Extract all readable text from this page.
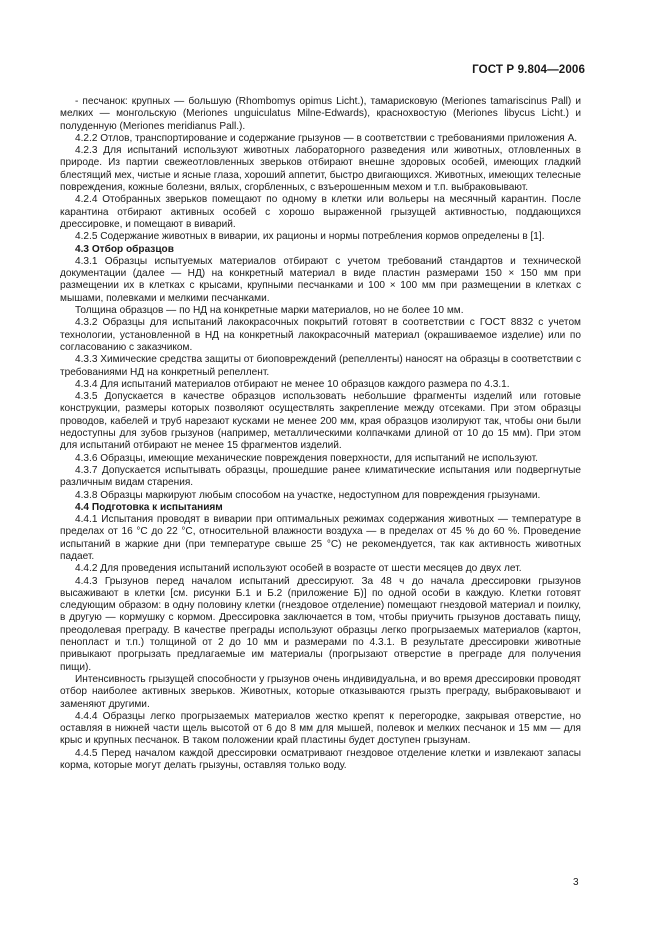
ГОСТ Р 9.804—2006

- песчанок: крупных — большую (Rhombomys opimus Licht.), тамарисковую (Meriones tamariscinus Pall) и мелких — монгольскую (Meriones unguiculatus Milne-Edwards), краснохвостую (Meriones libycus Licht.) и полуденную (Meriones meridianus Pall.).

4.2.2 Отлов, транспортирование и содержание грызунов — в соответствии с требованиями приложения А.

4.2.3 Для испытаний используют животных лабораторного разведения или животных, отловленных в природе. Из партии свежеотловленных зверьков отбирают внешне здоровых особей, имеющих гладкий блестящий мех, чистые и ясные глаза, хороший аппетит, быстро двигающихся. Животных, имеющих телесные повреждения, кожные болезни, вялых, сгорбленных, с взъерошенным мехом и т.п. выбраковывают.

4.2.4 Отобранных зверьков помещают по одному в клетки или вольеры на месячный карантин. После карантина отбирают активных особей с хорошо выраженной грызущей активностью, поддающихся дрессировке, и помещают в виварий.

4.2.5 Содержание животных в виварии, их рационы и нормы потребления кормов определены в [1].

4.3 Отбор образцов

4.3.1 Образцы испытуемых материалов отбирают с учетом требований стандартов и технической документации (далее — НД) на конкретный материал в виде пластин размерами 150 × 150 мм при размещении их в клетках с крысами, крупными песчанками и 100 × 100 мм при размещении в клетках с мышами, полевками и мелкими песчанками.

Толщина образцов — по НД на конкретные марки материалов, но не более 10 мм.

4.3.2 Образцы для испытаний лакокрасочных покрытий готовят в соответствии с ГОСТ 8832 с учетом технологии, установленной в НД на конкретный лакокрасочный материал (окрашиваемое изделие) или по согласованию с заказчиком.

4.3.3 Химические средства защиты от биоповреждений (репелленты) наносят на образцы в соответствии с требованиями НД на конкретный репеллент.

4.3.4 Для испытаний материалов отбирают не менее 10 образцов каждого размера по 4.3.1.

4.3.5 Допускается в качестве образцов использовать небольшие фрагменты изделий или готовые конструкции, размеры которых позволяют осуществлять закрепление между отсеками. При этом образцы проводов, кабелей и труб нарезают кусками не менее 200 мм, края образцов изолируют так, чтобы они были недоступны для зубов грызунов (например, металлическими колпачками длиной от 10 до 15 мм). При этом для испытаний отбирают не менее 15 фрагментов изделий.

4.3.6 Образцы, имеющие механические повреждения поверхности, для испытаний не используют.

4.3.7 Допускается испытывать образцы, прошедшие ранее климатические испытания или подвергнутые различным видам старения.

4.3.8 Образцы маркируют любым способом на участке, недоступном для повреждения грызунами.

4.4 Подготовка к испытаниям

4.4.1 Испытания проводят в виварии при оптимальных режимах содержания животных — температуре в пределах от 16 °С до 22 °С, относительной влажности воздуха — в пределах от 45 % до 60 %. Проведение испытаний в жаркие дни (при температуре свыше 25 °С) не рекомендуется, так как активность животных падает.

4.4.2 Для проведения испытаний используют особей в возрасте от шести месяцев до двух лет.

4.4.3 Грызунов перед началом испытаний дрессируют. За 48 ч до начала дрессировки грызунов высаживают в клетки [см. рисунки Б.1 и Б.2 (приложение Б)] по одной особи в каждую. Клетки готовят следующим образом: в одну половину клетки (гнездовое отделение) помещают гнездовой материал и поилку, в другую — кормушку с кормом. Дрессировка заключается в том, чтобы приучить грызунов доставать пищу, преодолевая преграду. В качестве преграды используют образцы легко прогрызаемых материалов (картон, пенопласт и т.п.) толщиной от 2 до 10 мм и размерами по 4.3.1. В результате дрессировки животные привыкают прогрызать предлагаемые им материалы (прогрызают отверстие в преграде для получения пищи).

Интенсивность грызущей способности у грызунов очень индивидуальна, и во время дрессировки проводят отбор наиболее активных зверьков. Животных, которые отказываются грызть преграду, выбраковывают и заменяют другими.

4.4.4 Образцы легко прогрызаемых материалов жестко крепят к перегородке, закрывая отверстие, но оставляя в нижней части щель высотой от 6 до 8 мм для мышей, полевок и мелких песчанок и 15 мм — для крыс и крупных песчанок. В таком положении край пластины будет доступен грызунам.

4.4.5 Перед началом каждой дрессировки осматривают гнездовое отделение клетки и извлекают запасы корма, которые могут делать грызуны, оставляя только воду.

3
